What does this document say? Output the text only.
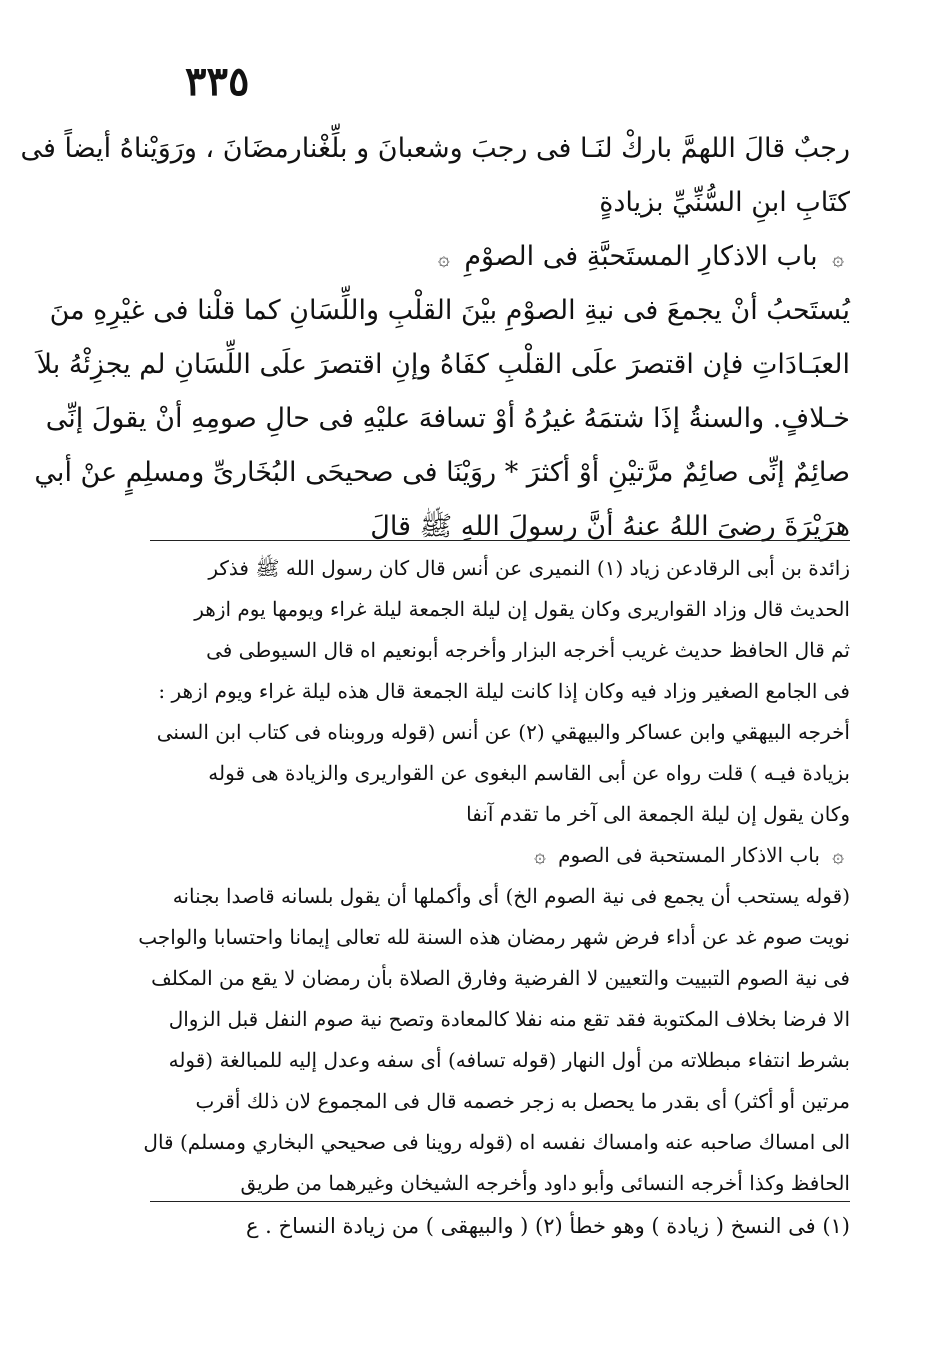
٣٣٥
رجبٌ قالَ اللهمَّ باركْ لنَـا فى رجبَ وشعبانَ و بلِّغْنارمضَانَ ، ورَوَيْناهُ أيضاً فى
كتَابِ ابنِ السُّنِّيِّ بزيادةٍ
۞ باب الاذكارِ المستَحبَّةِ فى الصوْمِ ۞
يُستَحبُ أنْ يجمعَ فى نيةِ الصوْمِ بيْنَ القلْبِ واللِّسَانِ كما قلْنا فى غيْرِهِ منَ
العبَـادَاتِ فإن اقتصرَ علَى القلْبِ كفَاهُ وإنِ اقتصرَ علَى اللِّسَانِ لم يجزِئْهُ بلاَ
خـلافٍ. والسنةُ إذَا شتمَهُ غيرُهُ أوْ تسافهَ عليْهِ فى حالِ صومِهِ أنْ يقولَ إنِّى
صائِمٌ إنِّى صائِمٌ مرَّتيْنِ أوْ أكثرَ * روَيْنَا فى صحيحَى البُخَارىِّ ومسلِمٍ عنْ أبي
هرَيْرَةَ رضىَ اللهُ عنهُ أنَّ رسولَ اللهِ ﷺ قالَ
زائدة بن أبى الرقادعن زياد (١) النميرى عن أنس قال كان رسول الله ﷺ فذكر
الحديث قال وزاد القواريرى وكان يقول إن ليلة الجمعة ليلة غراء ويومها يوم ازهر
ثم قال الحافظ حديث غريب أخرجه البزار وأخرجه أبونعيم اه قال السيوطى فى
فى الجامع الصغير وزاد فيه وكان إذا كانت ليلة الجمعة قال هذه ليلة غراء ويوم ازهر :
أخرجه البيهقي وابن عساكر والبيهقي (٢) عن أنس (قوله وروبناه فى كتاب ابن السنى
بزيادة فيـه ) قلت رواه عن أبى القاسم البغوى عن القواريرى والزيادة هى قوله
وكان يقول إن ليلة الجمعة الى آخر ما تقدم آنفا
۞ باب الاذكار المستحبة فى الصوم ۞
(قوله يستحب أن يجمع فى نية الصوم الخ) أى وأكملها أن يقول بلسانه قاصدا بجنانه
نويت صوم غد عن أداء فرض شهر رمضان هذه السنة لله تعالى إيمانا واحتسابا والواجب
فى نية الصوم التبييت والتعيين لا الفرضية وفارق الصلاة بأن رمضان لا يقع من المكلف
الا فرضا بخلاف المكتوبة فقد تقع منه نفلا كالمعادة وتصح نية صوم النفل قبل الزوال
بشرط انتفاء مبطلاته من أول النهار (قوله تسافه) أى سفه وعدل إليه للمبالغة (قوله
مرتين أو أكثر) أى بقدر ما يحصل به زجر خصمه قال فى المجموع لان ذلك أقرب
الى امساك صاحبه عنه وامساك نفسه اه (قوله روينا فى صحيحي البخاري ومسلم) قال
الحافظ وكذا أخرجه النسائى وأبو داود وأخرجه الشيخان وغيرهما من طريق
(١) فى النسخ ( زيادة ) وهو خطأ (٢) ( والبيهقى ) من زيادة النساخ . ع
